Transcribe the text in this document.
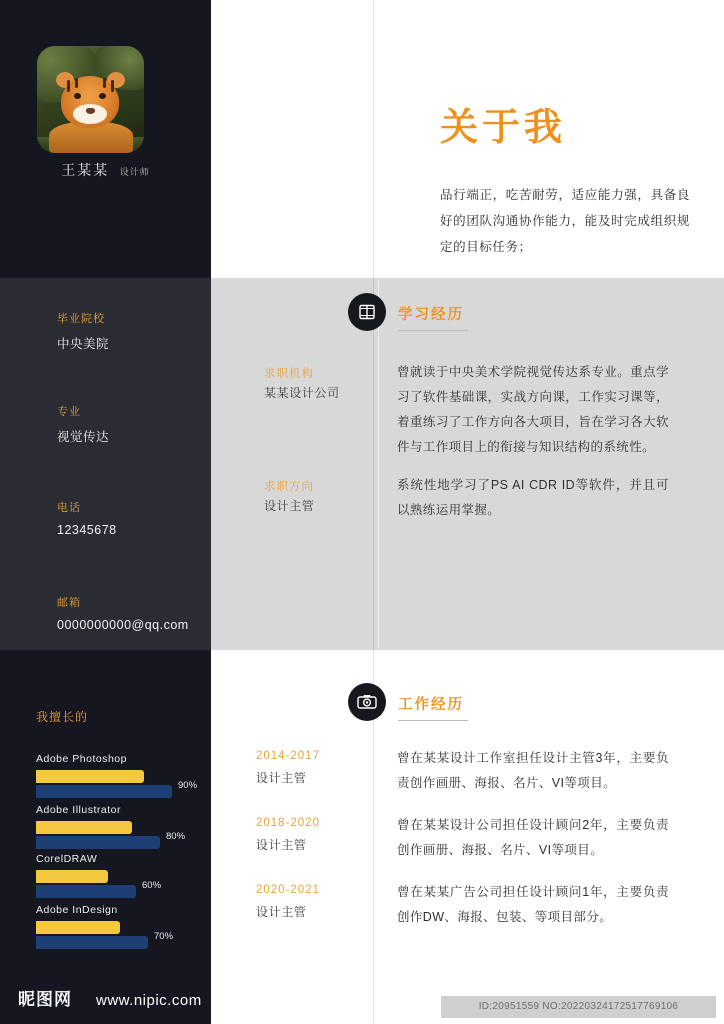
王某某 设计师
毕业院校
中央美院
专业
视觉传达
电话
12345678
邮箱
0000000000@qq.com
我擅长的
Adobe Photoshop
90%
Adobe Illustrator
80%
CorelDRAW
60%
Adobe InDesign
70%
关于我
品行端正，吃苦耐劳，适应能力强，具备良好的团队沟通协作能力，能及时完成组织规定的目标任务；
学习经历
求职机构
某某设计公司
曾就读于中央美术学院视觉传达系专业。重点学习了软件基础课，实战方向课，工作实习课等，着重练习了工作方向各大项目，旨在学习各大软件与工作项目上的衔接与知识结构的系统性。
求职方向
设计主管
系统性地学习了PS AI CDR ID等软件，并且可以熟练运用掌握。
工作经历
2014-2017
设计主管
曾在某某设计工作室担任设计主管3年，主要负责创作画册、海报、名片、VI等项目。
2018-2020
设计主管
曾在某某设计公司担任设计顾问2年，主要负责创作画册、海报、名片、VI等项目。
2020-2021
设计主管
曾在某某广告公司担任设计顾问1年，主要负责创作DW、海报、包装、等项目部分。
昵图网 www.nipic.com	ID:20951559 NO:20220324172517769106
